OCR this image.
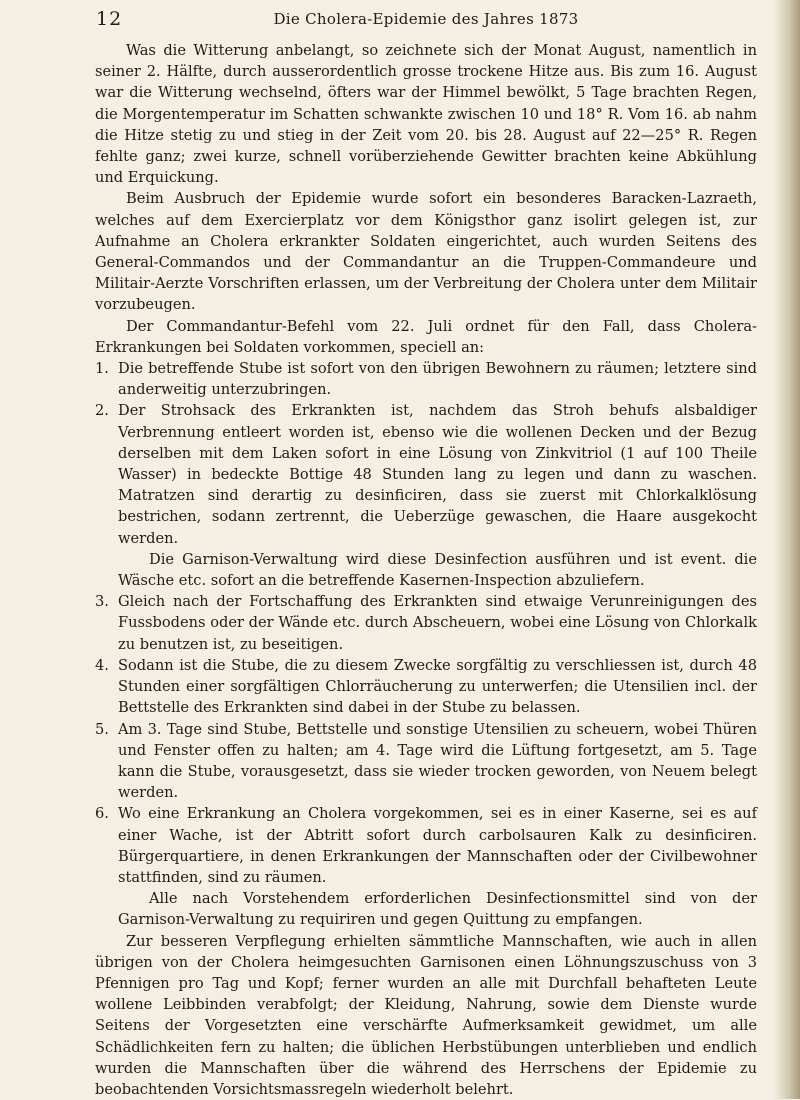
12	Die Cholera-Epidemie des Jahres 1873

Was die Witterung anbelangt, so zeichnete sich der Monat August, namentlich in seiner 2. Hälfte, durch ausserordentlich grosse trockene Hitze aus. Bis zum 16. August war die Witterung wechselnd, öfters war der Himmel bewölkt, 5 Tage brachten Regen, die Morgentemperatur im Schatten schwankte zwischen 10 und 18° R. Vom 16. ab nahm die Hitze stetig zu und stieg in der Zeit vom 20. bis 28. August auf 22—25° R. Regen fehlte ganz; zwei kurze, schnell vorüberziehende Gewitter brachten keine Abkühlung und Erquickung.

Beim Ausbruch der Epidemie wurde sofort ein besonderes Baracken-Lazraeth, welches auf dem Exercierplatz vor dem Königsthor ganz isolirt gelegen ist, zur Aufnahme an Cholera erkrankter Soldaten eingerichtet, auch wurden Seitens des General-Commandos und der Commandantur an die Truppen-Commandeure und Militair-Aerzte Vorschriften erlassen, um der Verbreitung der Cholera unter dem Militair vorzubeugen.

Der Commandantur-Befehl vom 22. Juli ordnet für den Fall, dass Cholera-Erkrankungen bei Soldaten vorkommen, speciell an:

1. Die betreffende Stube ist sofort von den übrigen Bewohnern zu räumen; letztere sind anderweitig unterzubringen.
2. Der Strohsack des Erkrankten ist, nachdem das Stroh behufs alsbaldiger Verbrennung entleert worden ist, ebenso wie die wollenen Decken und der Bezug derselben mit dem Laken sofort in eine Lösung von Zinkvitriol (1 auf 100 Theile Wasser) in bedeckte Bottige 48 Stunden lang zu legen und dann zu waschen. Matratzen sind derartig zu desinficiren, dass sie zuerst mit Chlorkalklösung bestrichen, sodann zertrennt, die Ueberzüge gewaschen, die Haare ausgekocht werden.

Die Garnison-Verwaltung wird diese Desinfection ausführen und ist event. die Wäsche etc. sofort an die betreffende Kasernen-Inspection abzuliefern.

3. Gleich nach der Fortschaffung des Erkrankten sind etwaige Verunreinigungen des Fussbodens oder der Wände etc. durch Abscheuern, wobei eine Lösung von Chlorkalk zu benutzen ist, zu beseitigen.
4. Sodann ist die Stube, die zu diesem Zwecke sorgfältig zu verschliessen ist, durch 48 Stunden einer sorgfältigen Chlorräucherung zu unterwerfen; die Utensilien incl. der Bettstelle des Erkrankten sind dabei in der Stube zu belassen.
5. Am 3. Tage sind Stube, Bettstelle und sonstige Utensilien zu scheuern, wobei Thüren und Fenster offen zu halten; am 4. Tage wird die Lüftung fortgesetzt, am 5. Tage kann die Stube, vorausgesetzt, dass sie wieder trocken geworden, von Neuem belegt werden.
6. Wo eine Erkrankung an Cholera vorgekommen, sei es in einer Kaserne, sei es auf einer Wache, ist der Abtritt sofort durch carbolsauren Kalk zu desinficiren. Bürgerquartiere, in denen Erkrankungen der Mannschaften oder der Civilbewohner stattfinden, sind zu räumen.

Alle nach Vorstehendem erforderlichen Desinfectionsmittel sind von der Garnison-Verwaltung zu requiriren und gegen Quittung zu empfangen.

Zur besseren Verpflegung erhielten sämmtliche Mannschaften, wie auch in allen übrigen von der Cholera heimgesuchten Garnisonen einen Löhnungszuschuss von 3 Pfennigen pro Tag und Kopf; ferner wurden an alle mit Durchfall behafteten Leute wollene Leibbinden verabfolgt; der Kleidung, Nahrung, sowie dem Dienste wurde Seitens der Vorgesetzten eine verschärfte Aufmerksamkeit gewidmet, um alle Schädlichkeiten fern zu halten; die üblichen Herbstübungen unterblieben und endlich wurden die Mannschaften über die während des Herrschens der Epidemie zu beobachtenden Vorsichtsmassregeln wiederholt belehrt.
